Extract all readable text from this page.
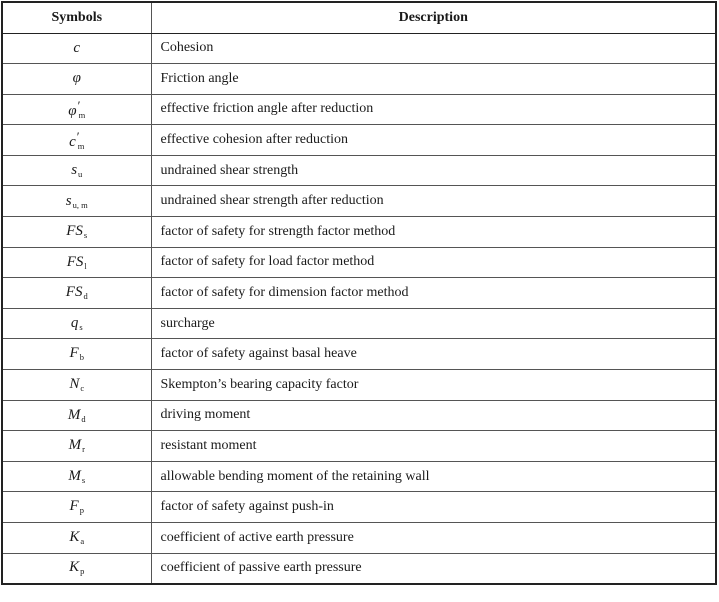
Symbols	Description
c	Cohesion
φ	Friction angle
$\varphi'_m$	effective friction angle after reduction
$c'_m$	effective cohesion after reduction
$s_u$	undrained shear strength
$s_{u, m}$	undrained shear strength after reduction
$FS_s$	factor of safety for strength factor method
$FS_l$	factor of safety for load factor method
$FS_d$	factor of safety for dimension factor method
$q_s$	surcharge
$F_b$	factor of safety against basal heave
$N_c$	Skempton’s bearing capacity factor
$M_d$	driving moment
$M_r$	resistant moment
$M_s$	allowable bending moment of the retaining wall
$F_p$	factor of safety against push-in
$K_a$	coefficient of active earth pressure
$K_p$	coefficient of passive earth pressure
